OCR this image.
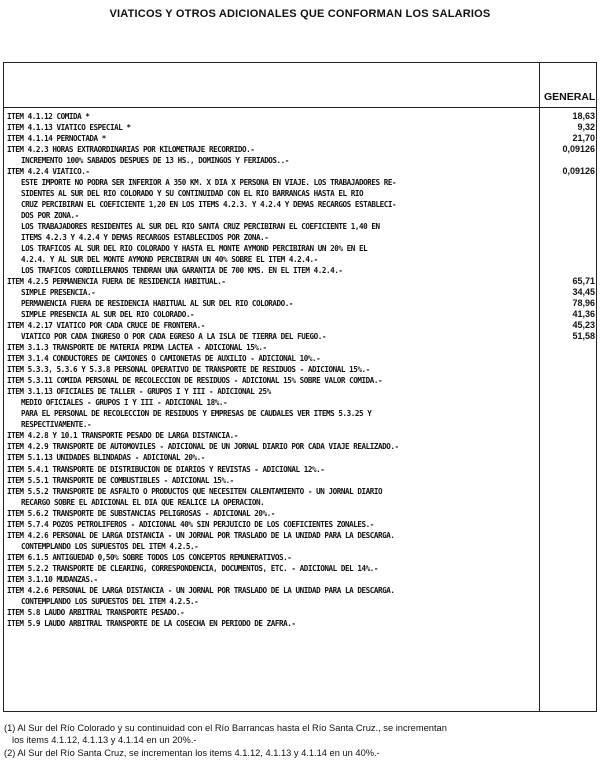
VIATICOS Y OTROS ADICIONALES QUE CONFORMAN LOS SALARIOS
GENERAL
ITEM 4.1.12 COMIDA *	18,63
ITEM 4.1.13 VIATICO ESPECIAL *	9,32
ITEM 4.1.14 PERNOCTADA *	21,70
ITEM 4.2.3 HORAS EXTRAORDINARIAS POR KILOMETRAJE RECORRIDO.-	0,09126
INCREMENTO 100% SABADOS DESPUES DE 13 HS., DOMINGOS Y FERIADOS..-
ITEM 4.2.4 VIATICO.-	0,09126
ESTE IMPORTE NO PODRA SER INFERIOR A 350 KM. X DIA X PERSONA EN VIAJE. LOS TRABAJADORES RE-
SIDENTES AL SUR DEL RIO COLORADO Y SU CONTINUIDAD CON EL RIO BARRANCAS HASTA EL RIO
CRUZ PERCIBIRAN EL COEFICIENTE 1,20 EN LOS ITEMS 4.2.3. Y 4.2.4 Y DEMAS RECARGOS ESTABLECI-
DOS POR ZONA.-
LOS TRABAJADORES RESIDENTES AL SUR DEL RIO SANTA CRUZ PERCIBIRAN EL COEFICIENTE 1,40 EN
ITEMS 4.2.3 Y 4.2.4 Y DEMAS RECARGOS ESTABLECIDOS POR ZONA.-
LOS TRAFICOS AL SUR DEL RIO COLORADO Y HASTA EL MONTE AYMOND PERCIBIRAN UN 20% EN EL
4.2.4. Y AL SUR DEL MONTE AYMOND PERCIBIRAN UN 40% SOBRE EL ITEM 4.2.4.-
LOS TRAFICOS CORDILLERANOS TENDRAN UNA GARANTIA DE 700 KMS. EN EL ITEM 4.2.4.-
ITEM 4.2.5 PERMANENCIA FUERA DE RESIDENCIA HABITUAL.-	65,71
SIMPLE PRESENCIA.-	34,45
PERMANENCIA FUERA DE RESIDENCIA HABITUAL AL SUR DEL RIO COLORADO.-	78,96
SIMPLE PRESENCIA AL SUR DEL RIO COLORADO.-	41,36
ITEM 4.2.17 VIATICO POR CADA CRUCE DE FRONTERA.-	45,23
VIATICO POR CADA INGRESO O POR CADA EGRESO A LA ISLA DE TIERRA DEL FUEGO.-	51,58
ITEM 3.1.3 TRANSPORTE DE MATERIA PRIMA LACTEA - ADICIONAL 15%.-
ITEM 3.1.4 CONDUCTORES DE CAMIONES O CAMIONETAS DE AUXILIO - ADICIONAL 10%.-
ITEM 5.3.3, 5.3.6 Y 5.3.8 PERSONAL OPERATIVO DE TRANSPORTE DE RESIDUOS - ADICIONAL 15%.-
ITEM 5.3.11 COMIDA PERSONAL DE RECOLECCION DE RESIDUOS - ADICIONAL 15% SOBRE VALOR COMIDA.-
ITEM 3.1.13 OFICIALES DE TALLER - GRUPOS I Y III - ADICIONAL 25%
MEDIO OFICIALES - GRUPOS I Y III - ADICIONAL 18%.-
PARA EL PERSONAL DE RECOLECCION DE RESIDUOS Y EMPRESAS DE CAUDALES VER ITEMS 5.3.25 Y
RESPECTIVAMENTE.-
ITEM 4.2.8 Y 10.1 TRANSPORTE PESADO DE LARGA DISTANCIA.-
ITEM 4.2.9 TRANSPORTE DE AUTOMOVILES - ADICIONAL DE UN JORNAL DIARIO POR CADA VIAJE REALIZADO.-
ITEM 5.1.13 UNIDADES BLINDADAS - ADICIONAL 20%.-
ITEM 5.4.1 TRANSPORTE DE DISTRIBUCION DE DIARIOS Y REVISTAS - ADICIONAL 12%.-
ITEM 5.5.1 TRANSPORTE DE COMBUSTIBLES - ADICIONAL 15%.-
ITEM 5.5.2 TRANSPORTE DE ASFALTO O PRODUCTOS QUE NECESITEN CALENTAMIENTO - UN JORNAL DIARIO
RECARGO SOBRE EL ADICIONAL EL DIA QUE REALICE LA OPERACION.
ITEM 5.6.2 TRANSPORTE DE SUBSTANCIAS PELIGROSAS - ADICIONAL 20%.-
ITEM 5.7.4 POZOS PETROLIFEROS - ADICIONAL 40% SIN PERJUICIO DE LOS COEFICIENTES ZONALES.-
ITEM 4.2.6 PERSONAL DE LARGA DISTANCIA - UN JORNAL POR TRASLADO DE LA UNIDAD PARA LA DESCARGA.
CONTEMPLANDO LOS SUPUESTOS DEL ITEM 4.2.5.-
ITEM 6.1.5 ANTIGUEDAD 0,50% SOBRE TODOS LOS CONCEPTOS REMUNERATIVOS.-
ITEM 5.2.2 TRANSPORTE DE CLEARING, CORRESPONDENCIA, DOCUMENTOS, ETC. - ADICIONAL DEL 14%.-
ITEM 3.1.10 MUDANZAS.-
ITEM 4.2.6 PERSONAL DE LARGA DISTANCIA - UN JORNAL POR TRASLADO DE LA UNIDAD PARA LA DESCARGA.
CONTEMPLANDO LOS SUPUESTOS DEL ITEM 4.2.5.-
ITEM 5.8 LAUDO ARBITRAL TRANSPORTE PESADO.-
ITEM 5.9 LAUDO ARBITRAL TRANSPORTE DE LA COSECHA EN PERIODO DE ZAFRA.-
(1) Al Sur del Río Colorado y su continuidad con el Río Barrancas hasta el Río Santa Cruz., se incrementan
los items 4.1.12, 4.1.13 y 4.1.14 en un 20%.-
(2) Al Sur del Río Santa Cruz, se incrementan los items 4.1.12, 4.1.13 y 4.1.14 en un 40%.-
